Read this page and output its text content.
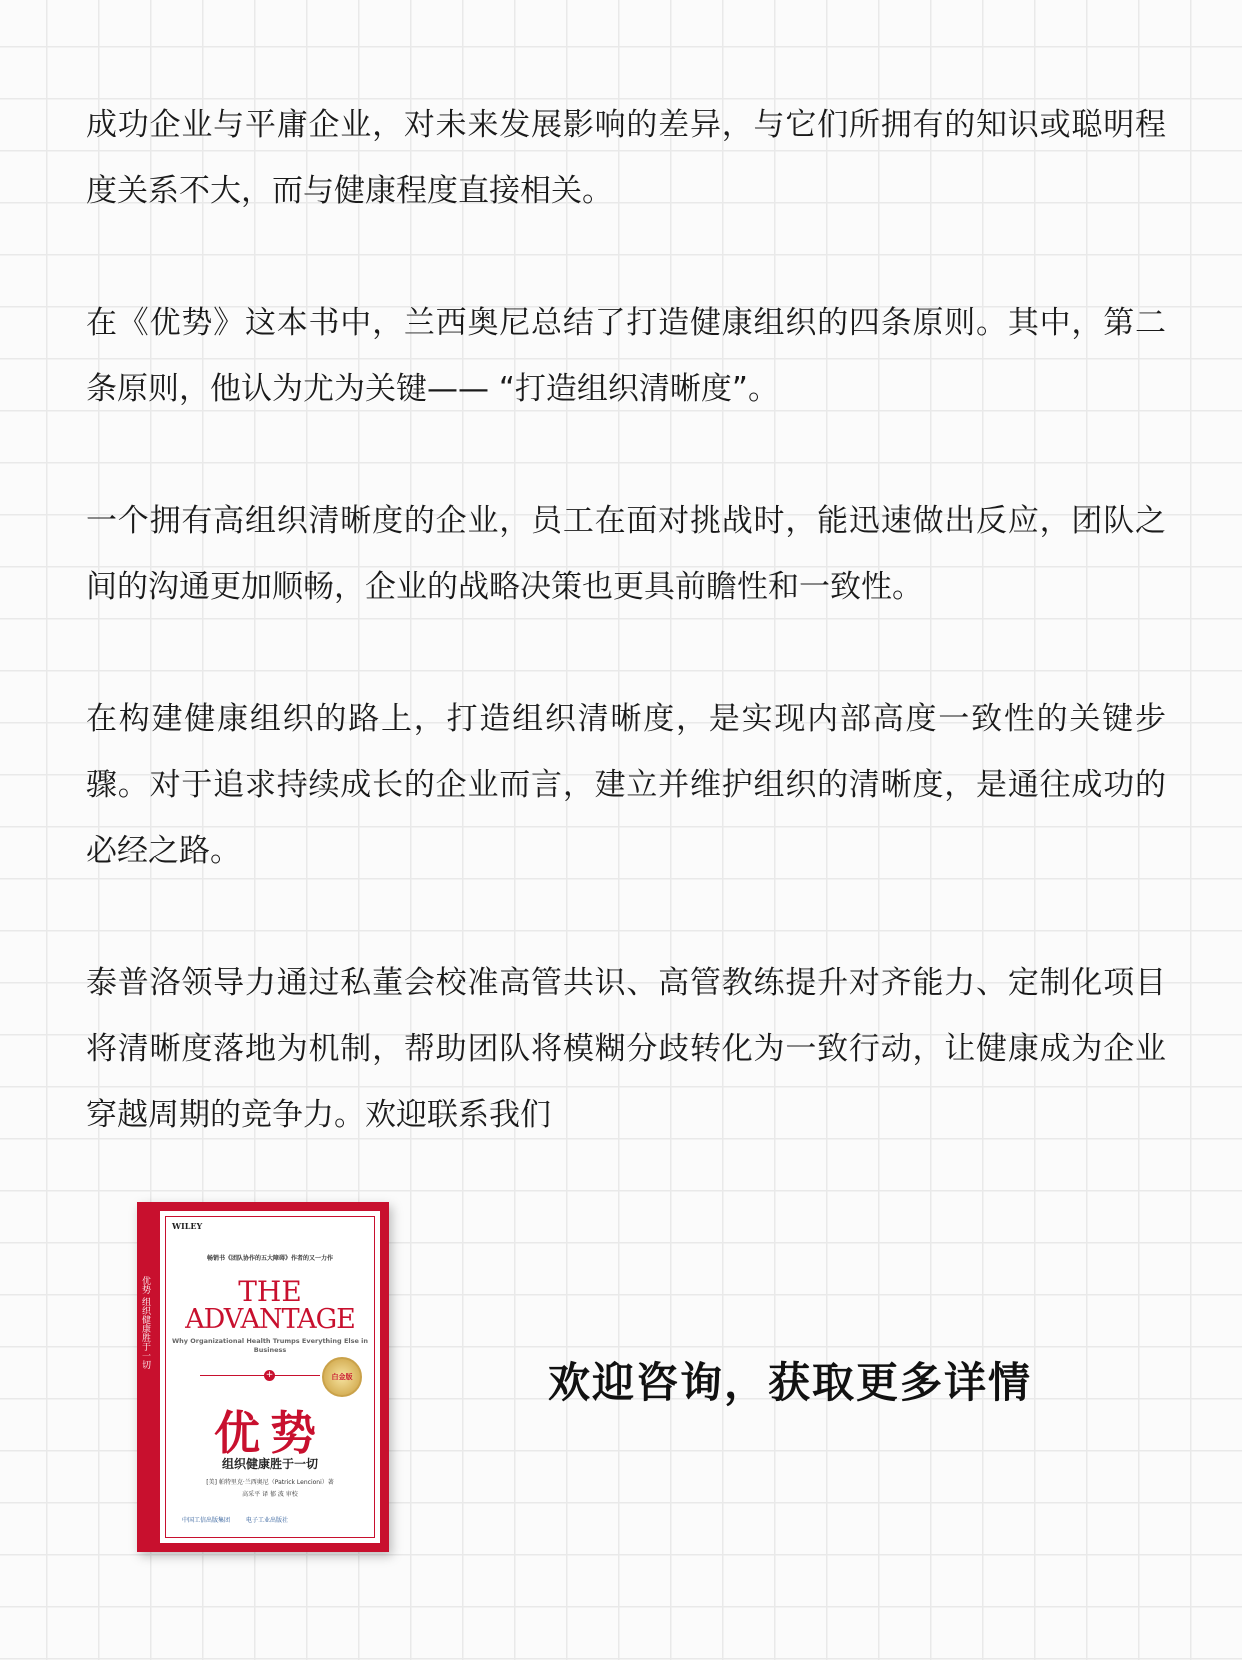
成功企业与平庸企业，对未来发展影响的差异，与它们所拥有的知识或聪明程度关系不大，而与健康程度直接相关。

在《优势》这本书中，兰西奥尼总结了打造健康组织的四条原则。其中，第二条原则，他认为尤为关键—— “打造组织清晰度”。

一个拥有高组织清晰度的企业，员工在面对挑战时，能迅速做出反应，团队之间的沟通更加顺畅，企业的战略决策也更具前瞻性和一致性。

在构建健康组织的路上，打造组织清晰度，是实现内部高度一致性的关键步骤。对于追求持续成长的企业而言，建立并维护组织的清晰度，是通往成功的必经之路。

泰普洛领导力通过私董会校准高管共识、高管教练提升对齐能力、定制化项目将清晰度落地为机制，帮助团队将模糊分歧转化为一致行动，让健康成为企业穿越周期的竞争力。欢迎联系我们

优势 组织健康胜于一切
WILEY
畅销书《团队协作的五大障碍》作者的又一力作
THE
ADVANTAGE
Why Organizational Health Trumps Everything Else in Business
+	白金版
优势
组织健康胜于一切
[美] 帕特里克·兰西奥尼（Patrick Lencioni）著
高采平 译 郁 波 审校
中国工信出版集团	电子工业出版社
欢迎咨询，获取更多详情
